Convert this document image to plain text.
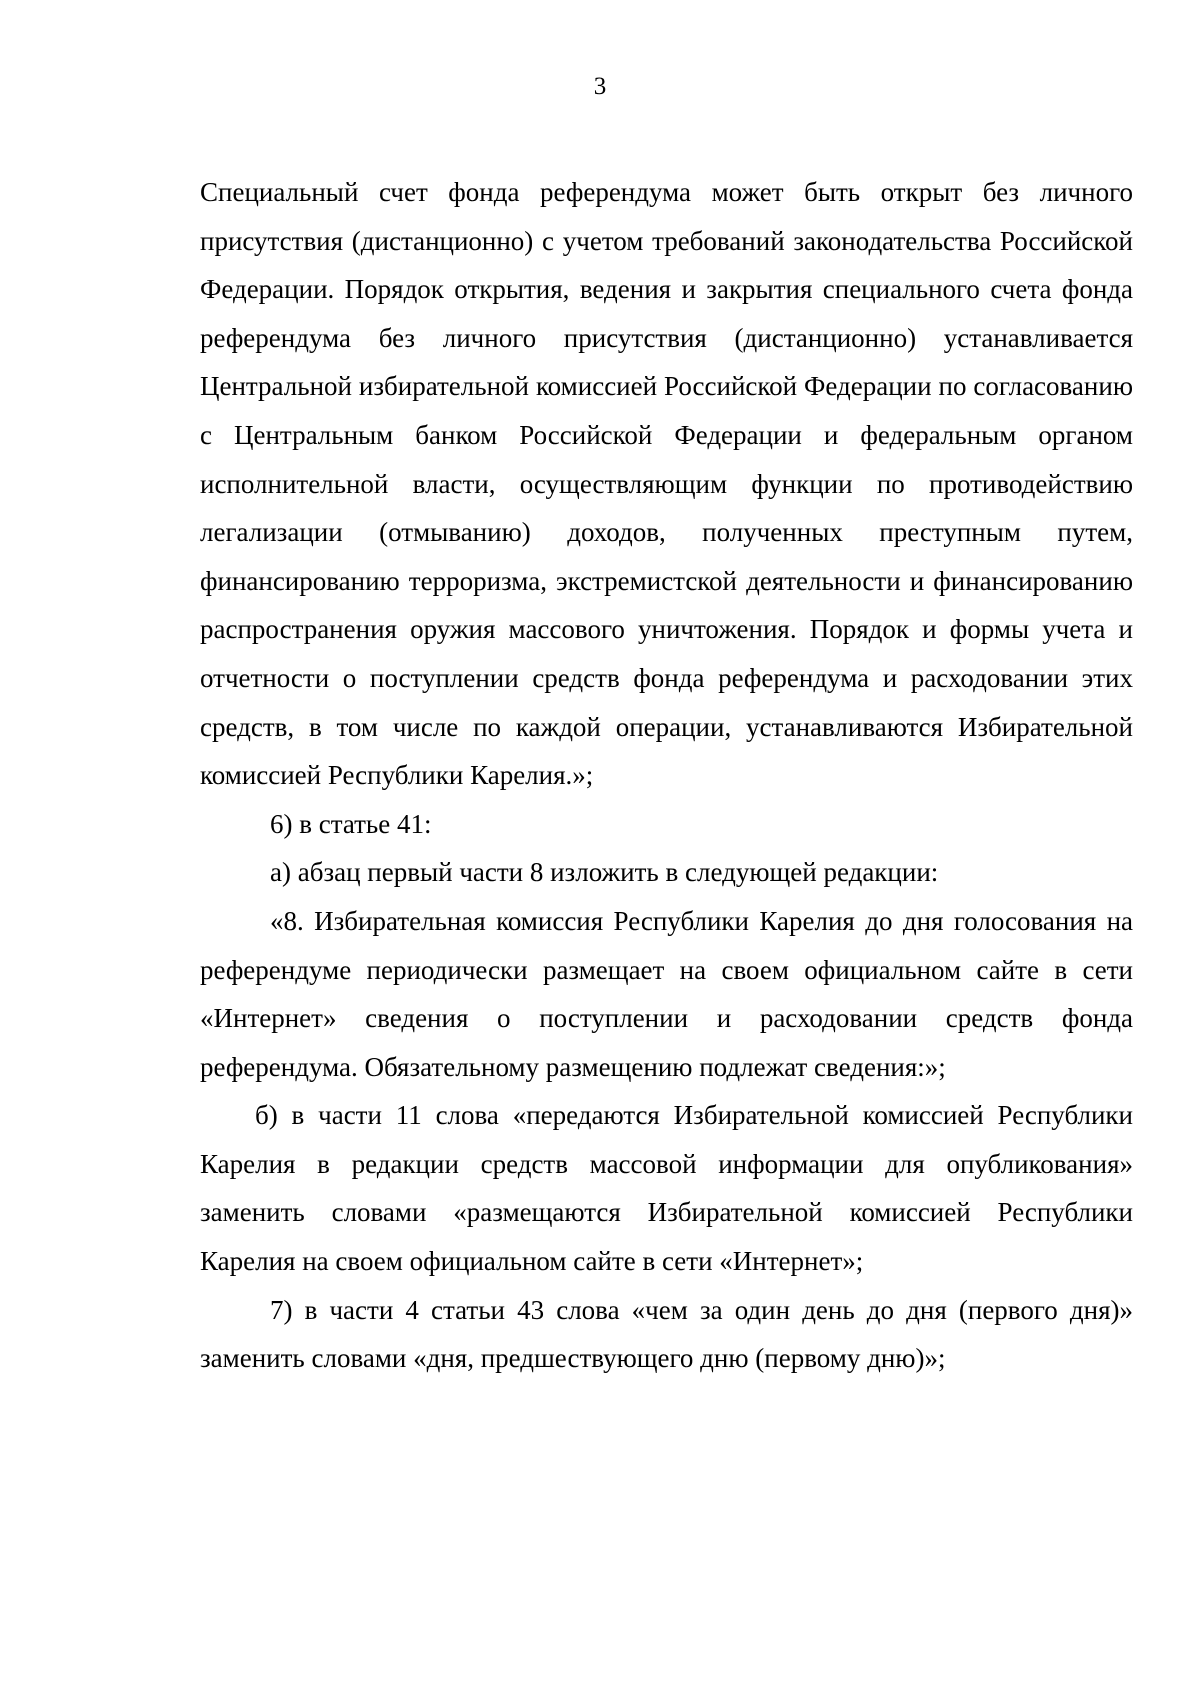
3

Специальный счет фонда референдума может быть открыт без личного присутствия (дистанционно) с учетом требований законодательства Российской Федерации. Порядок открытия, ведения и закрытия специального счета фонда референдума без личного присутствия (дистанционно) устанавливается Центральной избирательной комиссией Российской Федерации по согласованию с Центральным банком Российской Федерации и федеральным органом исполнительной власти, осуществляющим функции по противодействию легализации (отмыванию) доходов, полученных преступным путем, финансированию терроризма, экстремистской деятельности и финансированию распространения оружия массового уничтожения. Порядок и формы учета и отчетности о поступлении средств фонда референдума и расходовании этих средств, в том числе по каждой операции, устанавливаются Избирательной комиссией Республики Карелия.»;

6) в статье 41:

а) абзац первый части 8 изложить в следующей редакции:

«8. Избирательная комиссия Республики Карелия до дня голосования на референдуме периодически размещает на своем официальном сайте в сети «Интернет» сведения о поступлении и расходовании средств фонда референдума. Обязательному размещению подлежат сведения:»;

б) в части 11 слова «передаются Избирательной комиссией Республики Карелия в редакции средств массовой информации для опубликования» заменить словами «размещаются Избирательной комиссией Республики Карелия на своем официальном сайте в сети «Интернет»;

7) в части 4 статьи 43 слова «чем за один день до дня (первого дня)» заменить словами «дня, предшествующего дню (первому дню)»;
